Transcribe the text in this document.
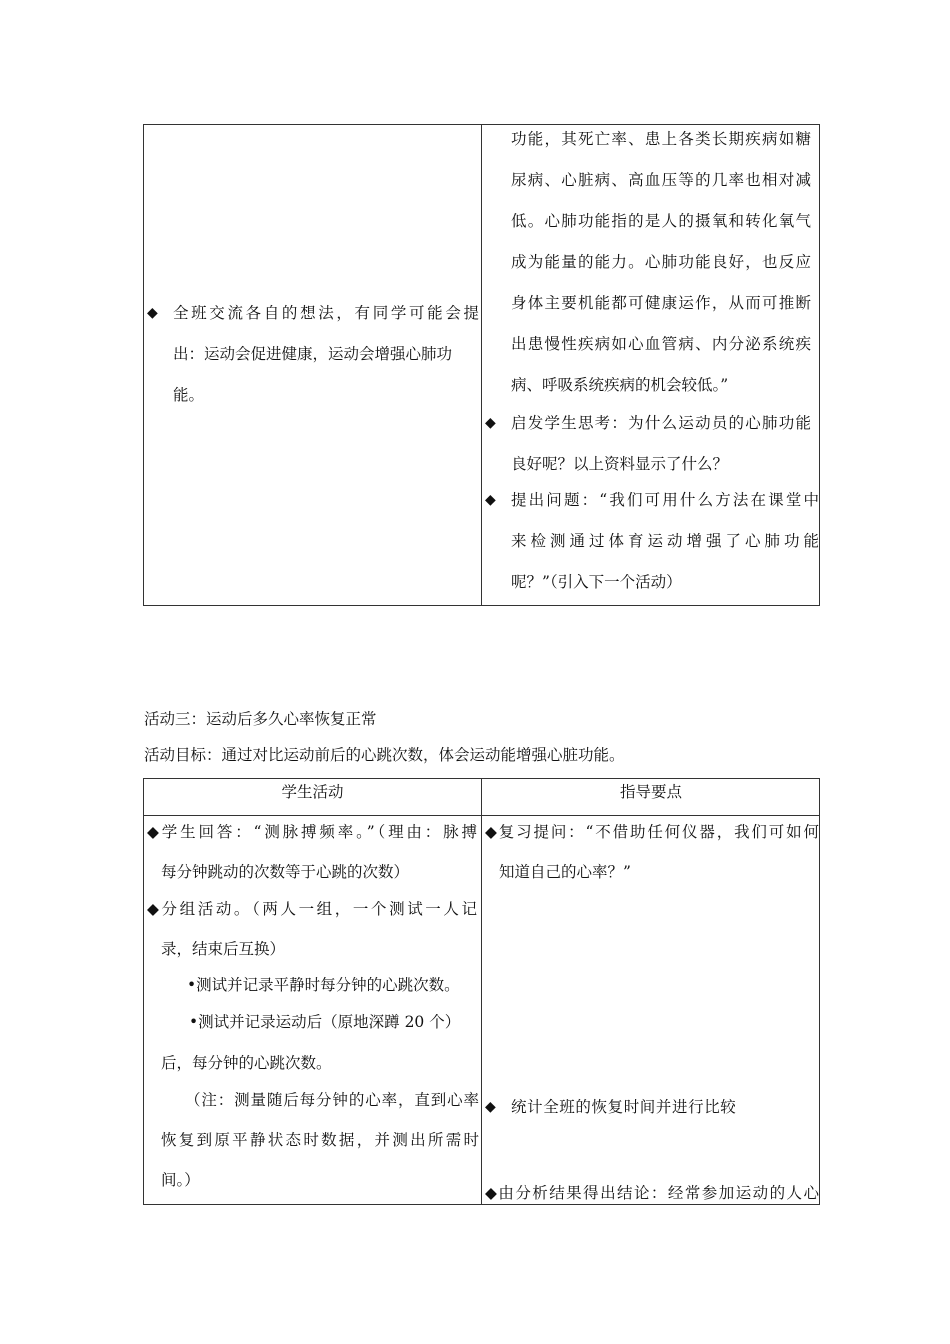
◆ 全班交流各自的想法，有同学可能会提
出：运动会促进健康，运动会增强心肺功
能。
功能，其死亡率、患上各类长期疾病如糖
尿病、心脏病、高血压等的几率也相对减
低。心肺功能指的是人的摄氧和转化氧气
成为能量的能力。心肺功能良好，也反应
身体主要机能都可健康运作，从而可推断
出患慢性疾病如心血管病、内分泌系统疾
病、呼吸系统疾病的机会较低。”
◆ 启发学生思考：为什么运动员的心肺功能
良好呢？以上资料显示了什么？
◆ 提出问题：“我们可用什么方法在课堂中
来检测通过体育运动增强了心肺功能
呢？”（引入下一个活动）
活动三：运动后多久心率恢复正常
活动目标：通过对比运动前后的心跳次数，体会运动能增强心脏功能。
学生活动	指导要点
◆学生回答：“测脉搏频率。”（理由：脉搏
每分钟跳动的次数等于心跳的次数）
◆分组活动。（两人一组，一个测试一人记
录，结束后互换）
•测试并记录平静时每分钟的心跳次数。
•测试并记录运动后（原地深蹲 20 个）
后，每分钟的心跳次数。
（注：测量随后每分钟的心率，直到心率
恢复到原平静状态时数据，并测出所需时
间。）
◆复习提问：“不借助任何仪器，我们可如何
知道自己的心率？”
◆ 统计全班的恢复时间并进行比较
◆由分析结果得出结论：经常参加运动的人心
